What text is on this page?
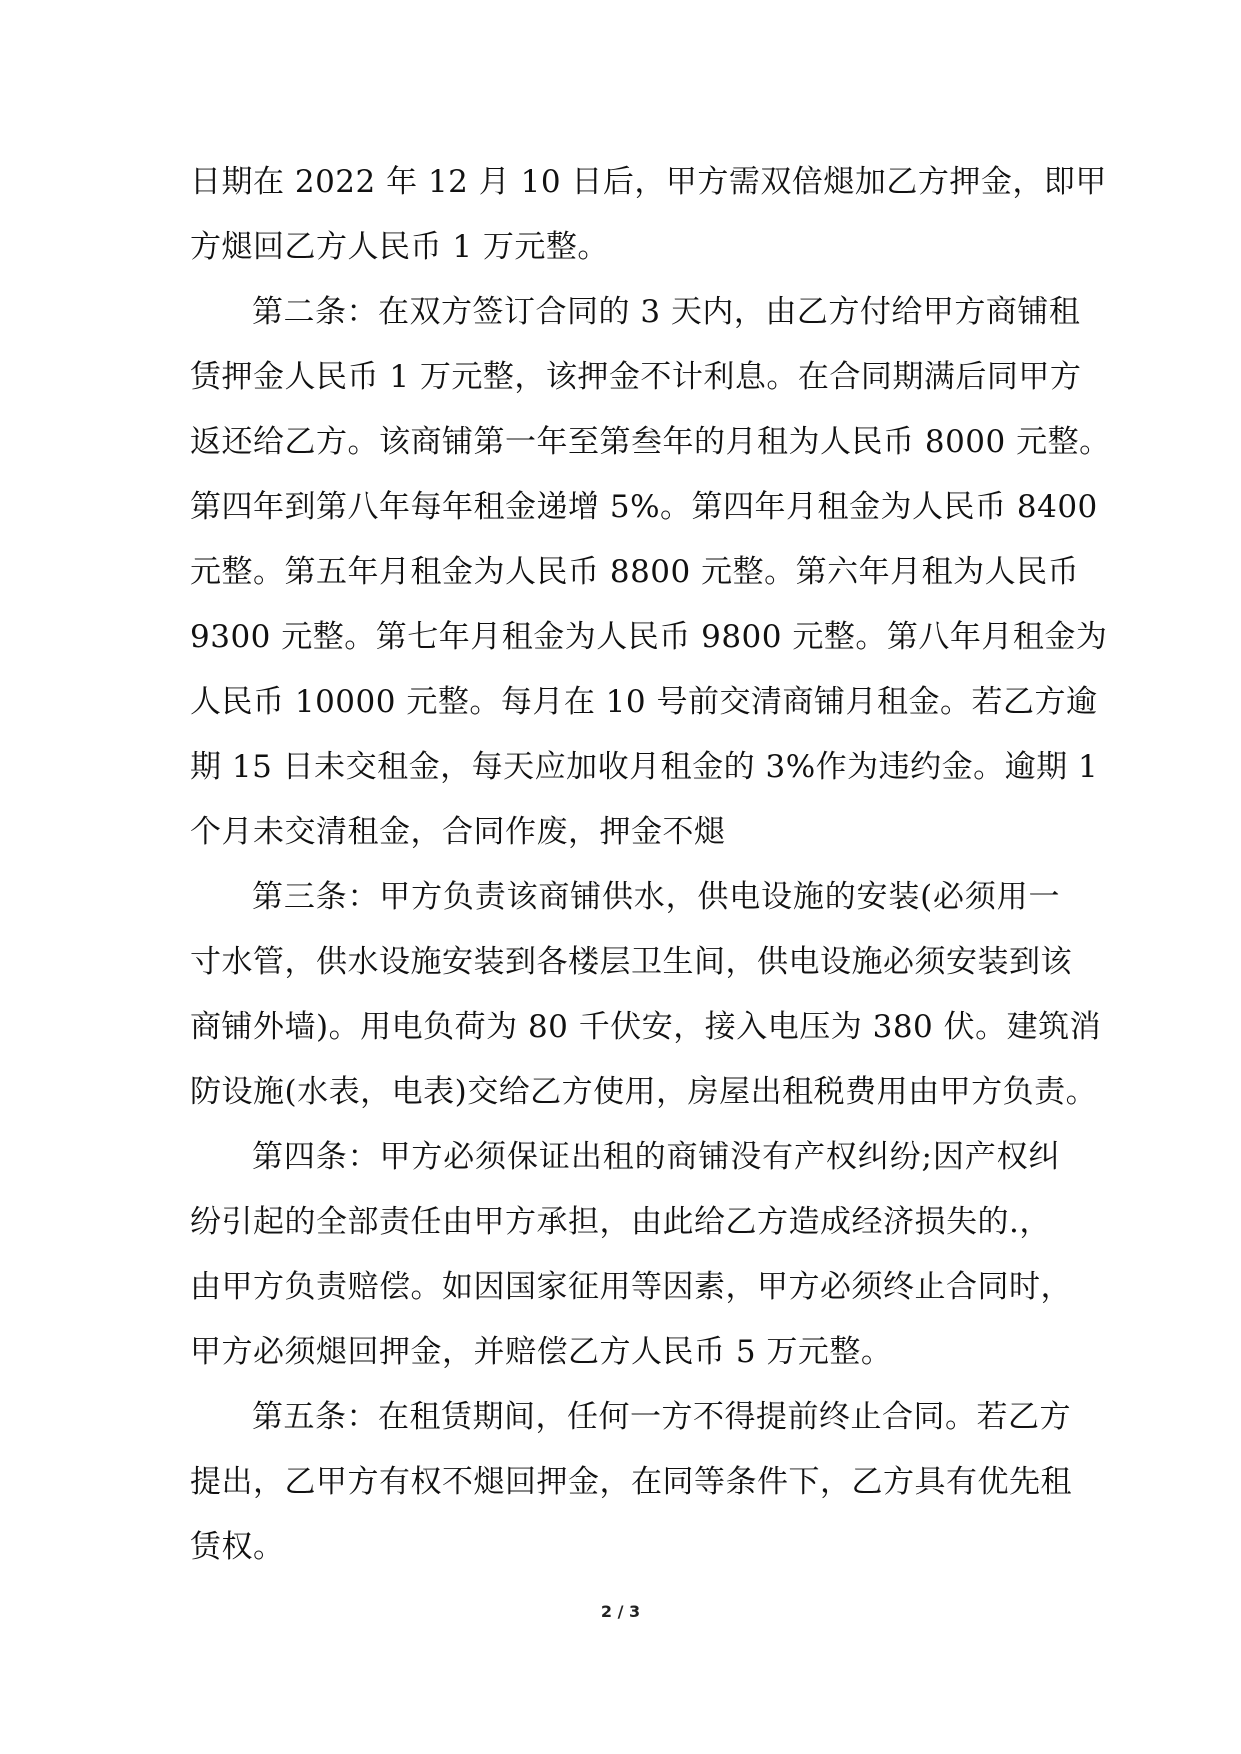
日期在 2022 年 12 月 10 日后，甲方需双倍煺加乙方押金，即甲
方煺回乙方人民币 1 万元整。
第二条：在双方签订合同的 3 天内，由乙方付给甲方商铺租
赁押金人民币 1 万元整，该押金不计利息。在合同期满后同甲方
返还给乙方。该商铺第一年至第叁年的月租为人民币 8000 元整。
第四年到第八年每年租金递增 5%。第四年月租金为人民币 8400
元整。第五年月租金为人民币 8800 元整。第六年月租为人民币
9300 元整。第七年月租金为人民币 9800 元整。第八年月租金为
人民币 10000 元整。每月在 10 号前交清商铺月租金。若乙方逾
期 15 日未交租金，每天应加收月租金的 3%作为违约金。逾期 1
个月未交清租金，合同作废，押金不煺
第三条：甲方负责该商铺供水，供电设施的安装(必须用一
寸水管，供水设施安装到各楼层卫生间，供电设施必须安装到该
商铺外墙)。用电负荷为 80 千伏安，接入电压为 380 伏。建筑消
防设施(水表，电表)交给乙方使用，房屋出租税费用由甲方负责。
第四条：甲方必须保证出租的商铺没有产权纠纷;因产权纠
纷引起的全部责任由甲方承担，由此给乙方造成经济损失的.，
由甲方负责赔偿。如因国家征用等因素，甲方必须终止合同时，
甲方必须煺回押金，并赔偿乙方人民币 5 万元整。
第五条：在租赁期间，任何一方不得提前终止合同。若乙方
提出，乙甲方有权不煺回押金，在同等条件下，乙方具有优先租
赁权。
2 / 3
